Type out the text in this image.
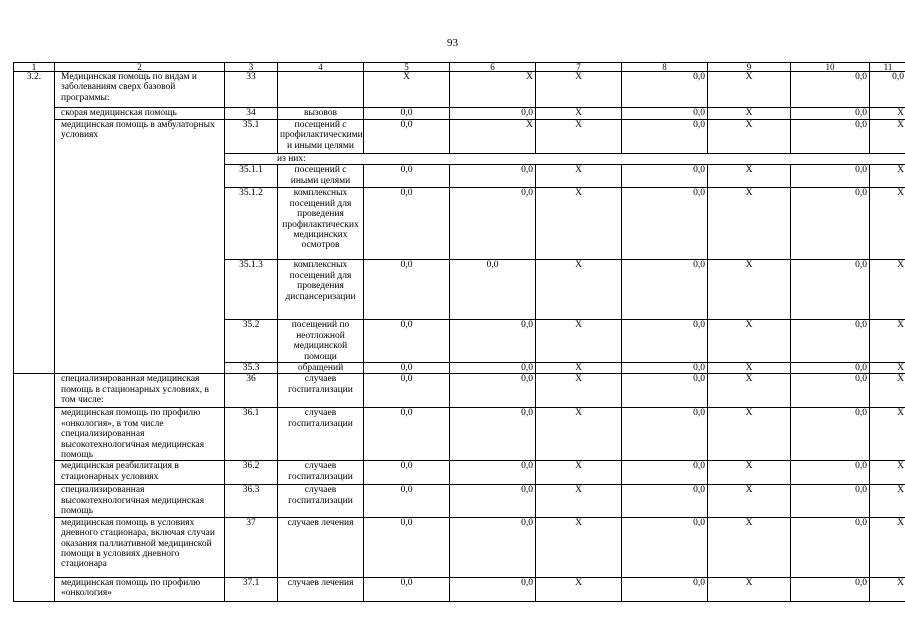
93
1	2	3	4	5	6	7	8	9	10	11
3.2.	Медицинская помощь по видам и заболеваниям сверх базовой программы:	33		X	X	X	0,0	X	0,0	0,0
	скорая медицинская помощь	34	вызовов	0,0	0,0	X	0,0	X	0,0	X
	медицинская помощь в амбулаторных условиях	35.1	посещений с профилактическими и иными целями	0,0	X	X	0,0	X	0,0	X
		из них:								
		35.1.1	посещений с иными целями	0,0	0,0	X	0,0	X	0,0	X
		35.1.2	комплексных посещений для проведения профилактических медицинских осмотров	0,0	0,0	X	0,0	X	0,0	X
		35.1.3	комплексных посещений для проведения диспансеризации	0,0	0,0	X	0,0	X	0,0	X
		35.2	посещений по неотложной медицинской помощи	0,0	0,0	X	0,0	X	0,0	X
		35.3	обращений	0,0	0,0	X	0,0	X	0,0	X
	специализированная медицинская помощь в стационарных условиях, в том числе:	36	случаев госпитализации	0,0	0,0	X	0,0	X	0,0	X
	медицинская помощь по профилю «онкология», в том числе специализированная высокотехнологичная медицинская помощь	36.1	случаев госпитализации	0,0	0,0	X	0,0	X	0,0	X
	медицинская реабилитация в стационарных условиях	36.2	случаев госпитализации	0,0	0,0	X	0,0	X	0,0	X
	специализированная высокотехнологичная медицинская помощь	36.3	случаев госпитализации	0,0	0,0	X	0,0	X	0,0	X
	медицинская помощь в условиях дневного стационара, включая случаи оказания паллиативной медицинской помощи в условиях дневного стационара	37	случаев лечения	0,0	0,0	X	0,0	X	0,0	X
	медицинская помощь по профилю «онкология»	37.1	случаев лечения	0,0	0,0	X	0,0	X	0,0	X
